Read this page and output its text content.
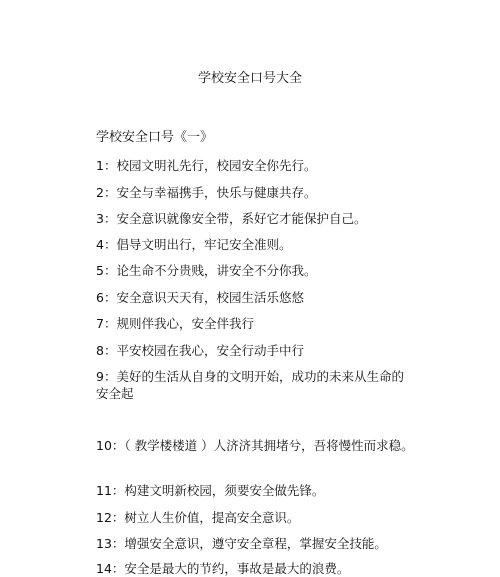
学校安全口号大全
学校安全口号《一》

1：校园文明礼先行，校园安全你先行。

2：安全与幸福携手，快乐与健康共存。

3：安全意识就像安全带，系好它才能保护自己。

4：倡导文明出行，牢记安全准则。

5：论生命不分贵贱，讲安全不分你我。

6：安全意识天天有，校园生活乐悠悠

7：规则伴我心，安全伴我行

8：平安校园在我心，安全行动手中行

9：美好的生活从自身的文明开始，成功的未来从生命的安全起

10：（ 教学楼楼道 ）人济济其拥堵兮，吾将慢性而求稳。

11：构建文明新校园，须要安全做先锋。

12：树立人生价值，提高安全意识。

13：增强安全意识，遵守安全章程，掌握安全技能。

14：安全是最大的节约，事故是最大的浪费。
